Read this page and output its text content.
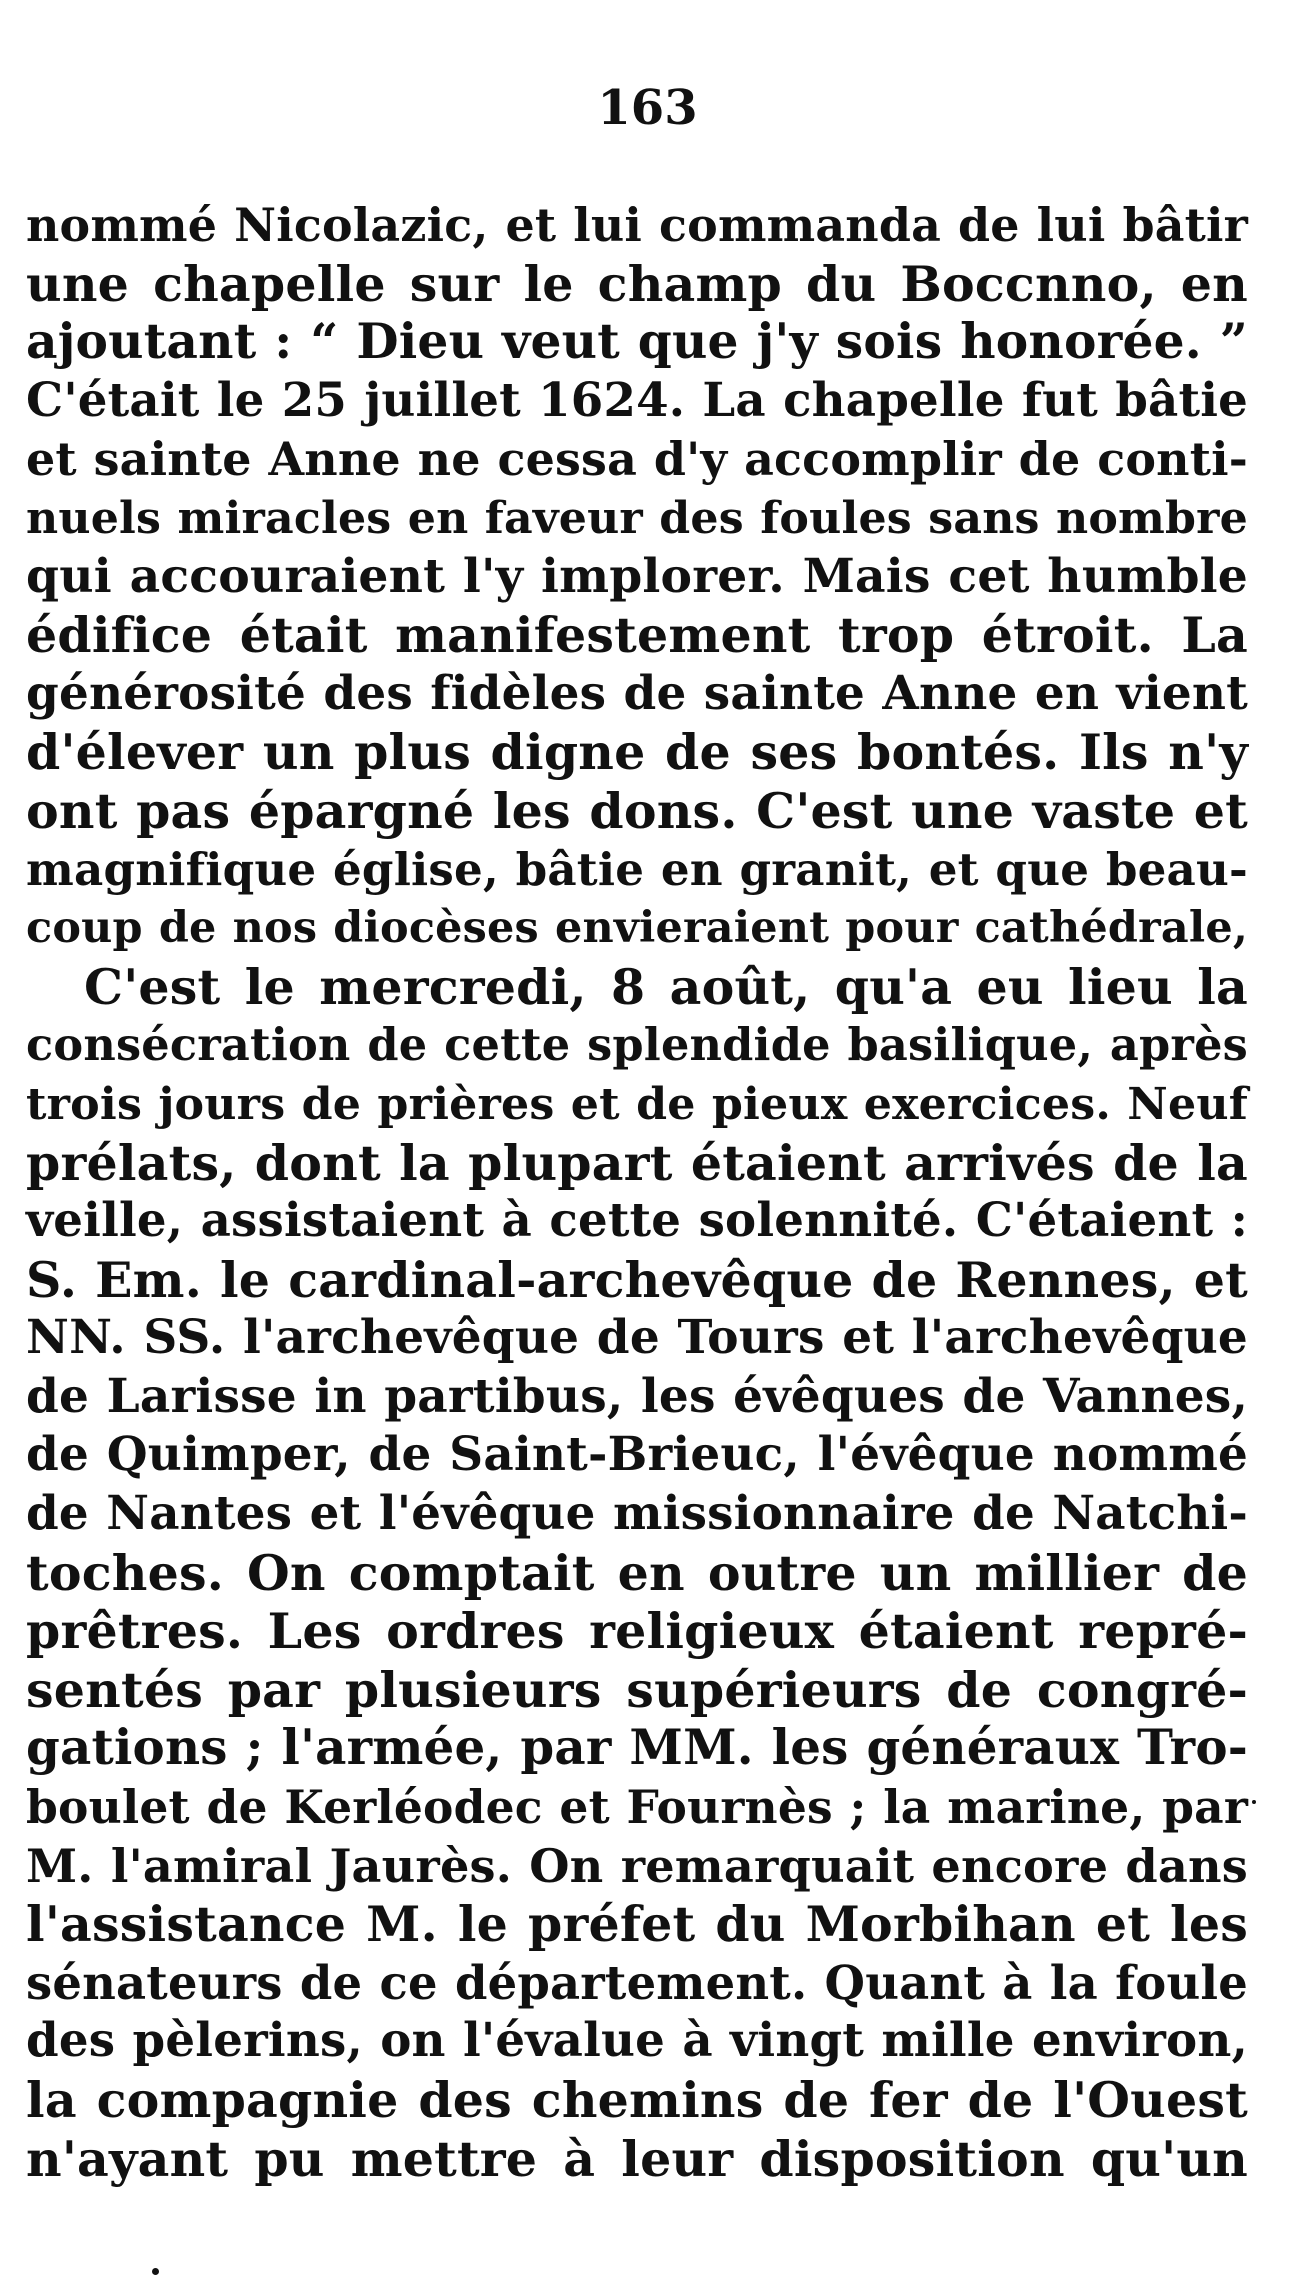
163
nommé Nicolazic, et lui commanda de lui bâtir
une chapelle sur le champ du Boccnno, en
ajoutant : “ Dieu veut que j'y sois honorée. ”
C'était le 25 juillet 1624. La chapelle fut bâtie
et sainte Anne ne cessa d'y accomplir de conti-
nuels miracles en faveur des foules sans nombre
qui accouraient l'y implorer. Mais cet humble
édifice était manifestement trop étroit. La
générosité des fidèles de sainte Anne en vient
d'élever un plus digne de ses bontés. Ils n'y
ont pas épargné les dons. C'est une vaste et
magnifique église, bâtie en granit, et que beau-
coup de nos diocèses envieraient pour cathédrale,
C'est le mercredi, 8 août, qu'a eu lieu la
consécration de cette splendide basilique, après
trois jours de prières et de pieux exercices. Neuf
prélats, dont la plupart étaient arrivés de la
veille, assistaient à cette solennité. C'étaient :
S. Em. le cardinal-archevêque de Rennes, et
NN. SS. l'archevêque de Tours et l'archevêque
de Larisse in partibus, les évêques de Vannes,
de Quimper, de Saint-Brieuc, l'évêque nommé
de Nantes et l'évêque missionnaire de Natchi-
toches. On comptait en outre un millier de
prêtres. Les ordres religieux étaient repré-
sentés par plusieurs supérieurs de congré-
gations ; l'armée, par MM. les généraux Tro-
boulet de Kerléodec et Fournès ; la marine, par
M. l'amiral Jaurès. On remarquait encore dans
l'assistance M. le préfet du Morbihan et les
sénateurs de ce département. Quant à la foule
des pèlerins, on l'évalue à vingt mille environ,
la compagnie des chemins de fer de l'Ouest
n'ayant pu mettre à leur disposition qu'un
